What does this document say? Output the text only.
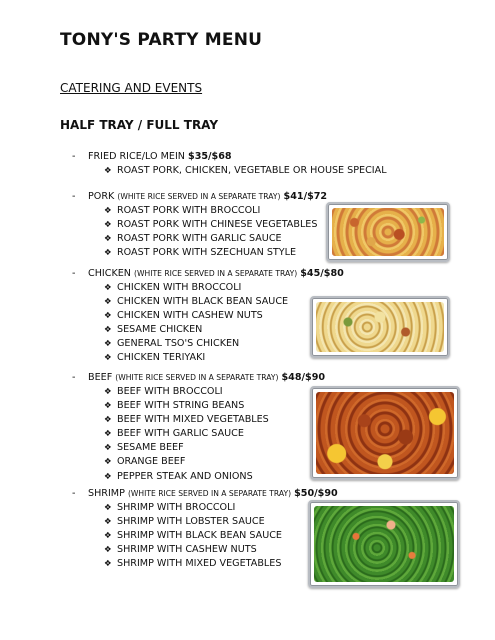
TONY'S PARTY MENU
CATERING AND EVENTS
HALF TRAY / FULL TRAY
- FRIED RICE/LO MEIN $35/$68
❖ ROAST PORK, CHICKEN, VEGETABLE OR HOUSE SPECIAL
- PORK (WHITE RICE SERVED IN A SEPARATE TRAY) $41/$72
❖ ROAST PORK WITH BROCCOLI
❖ ROAST PORK WITH CHINESE VEGETABLES
❖ ROAST PORK WITH GARLIC SAUCE
❖ ROAST PORK WITH SZECHUAN STYLE
- CHICKEN (WHITE RICE SERVED IN A SEPARATE TRAY) $45/$80
❖ CHICKEN WITH BROCCOLI
❖ CHICKEN WITH BLACK BEAN SAUCE
❖ CHICKEN WITH CASHEW NUTS
❖ SESAME CHICKEN
❖ GENERAL TSO'S CHICKEN
❖ CHICKEN TERIYAKI
- BEEF (WHITE RICE SERVED IN A SEPARATE TRAY) $48/$90
❖ BEEF WITH BROCCOLI
❖ BEEF WITH STRING BEANS
❖ BEEF WITH MIXED VEGETABLES
❖ BEEF WITH GARLIC SAUCE
❖ SESAME BEEF
❖ ORANGE BEEF
❖ PEPPER STEAK AND ONIONS
- SHRIMP (WHITE RICE SERVED IN A SEPARATE TRAY) $50/$90
❖ SHRIMP WITH BROCCOLI
❖ SHRIMP WITH LOBSTER SAUCE
❖ SHRIMP WITH BLACK BEAN SAUCE
❖ SHRIMP WITH CASHEW NUTS
❖ SHRIMP WITH MIXED VEGETABLES
